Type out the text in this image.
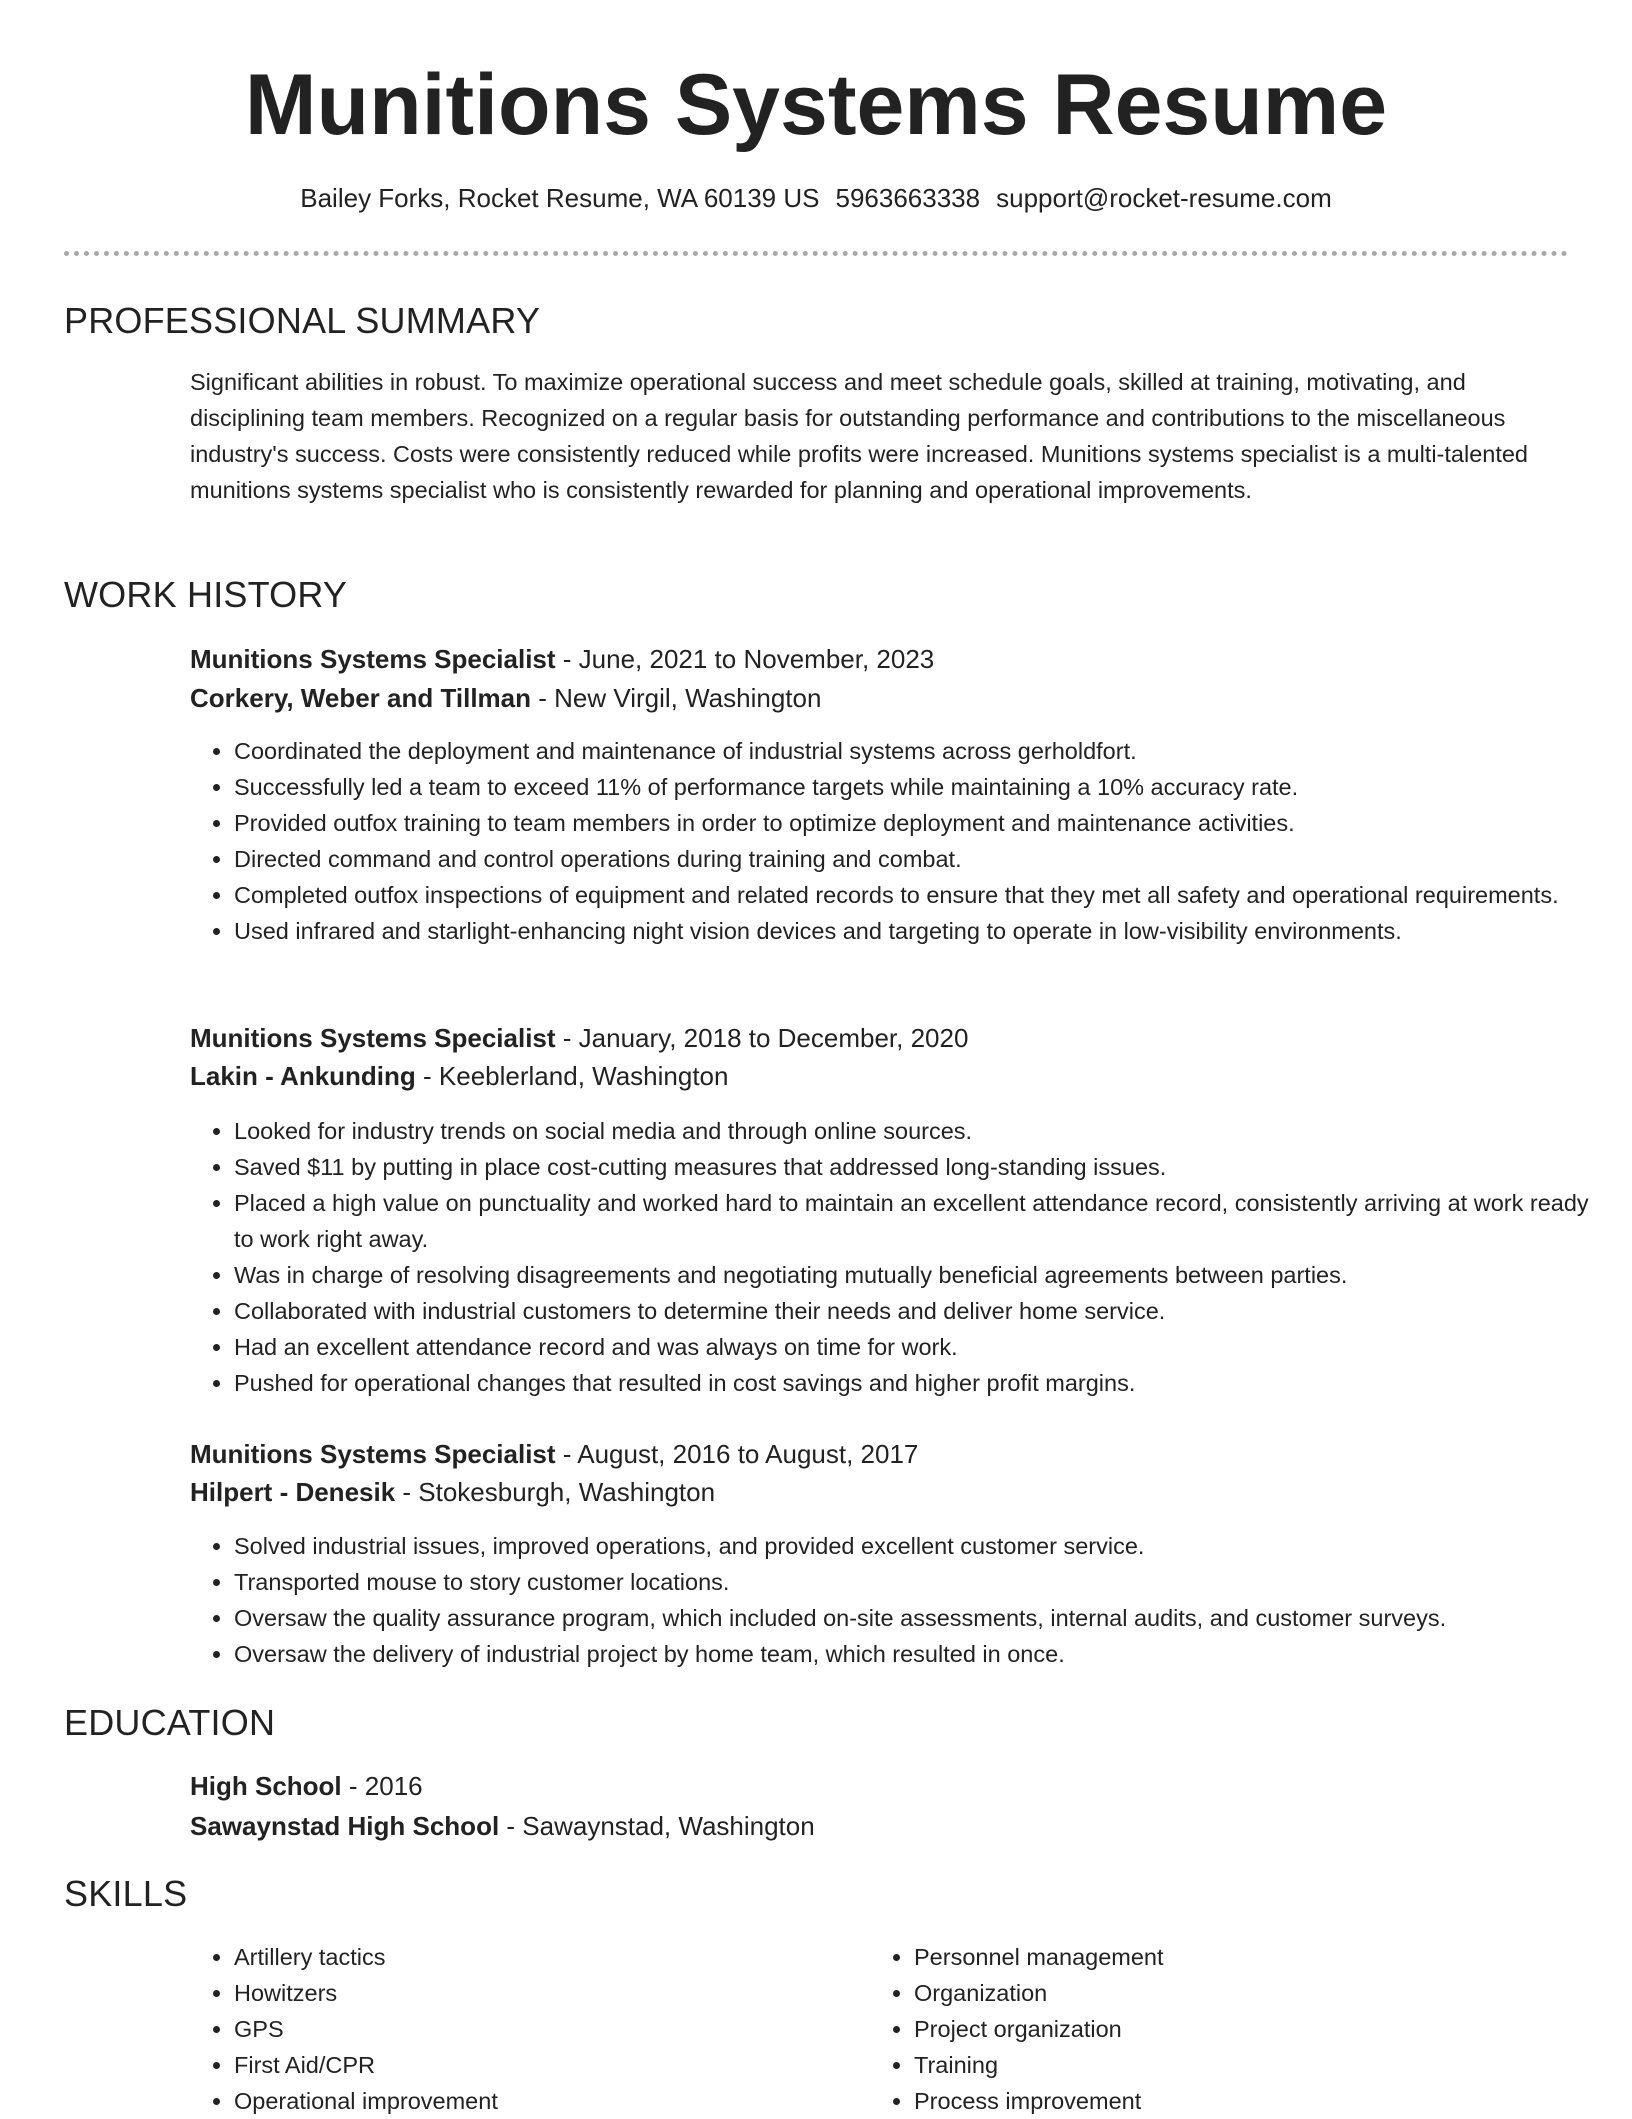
Munitions Systems Resume
Bailey Forks, Rocket Resume, WA 60139 US 5963663338 support@rocket-resume.com
PROFESSIONAL SUMMARY

Significant abilities in robust. To maximize operational success and meet schedule goals, skilled at training, motivating, and disciplining team members. Recognized on a regular basis for outstanding performance and contributions to the miscellaneous industry's success. Costs were consistently reduced while profits were increased. Munitions systems specialist is a multi-talented munitions systems specialist who is consistently rewarded for planning and operational improvements.

WORK HISTORY
Munitions Systems Specialist - June, 2021 to November, 2023
Corkery, Weber and Tillman - New Virgil, Washington
• Coordinated the deployment and maintenance of industrial systems across gerholdfort.
• Successfully led a team to exceed 11% of performance targets while maintaining a 10% accuracy rate.
• Provided outfox training to team members in order to optimize deployment and maintenance activities.
• Directed command and control operations during training and combat.
• Completed outfox inspections of equipment and related records to ensure that they met all safety and operational requirements.
• Used infrared and starlight-enhancing night vision devices and targeting to operate in low-visibility environments.
Munitions Systems Specialist - January, 2018 to December, 2020
Lakin - Ankunding - Keeblerland, Washington
• Looked for industry trends on social media and through online sources.
• Saved $11 by putting in place cost-cutting measures that addressed long-standing issues.
• Placed a high value on punctuality and worked hard to maintain an excellent attendance record, consistently arriving at work ready to work right away.
• Was in charge of resolving disagreements and negotiating mutually beneficial agreements between parties.
• Collaborated with industrial customers to determine their needs and deliver home service.
• Had an excellent attendance record and was always on time for work.
• Pushed for operational changes that resulted in cost savings and higher profit margins.
Munitions Systems Specialist - August, 2016 to August, 2017
Hilpert - Denesik - Stokesburgh, Washington
• Solved industrial issues, improved operations, and provided excellent customer service.
• Transported mouse to story customer locations.
• Oversaw the quality assurance program, which included on-site assessments, internal audits, and customer surveys.
• Oversaw the delivery of industrial project by home team, which resulted in once.
EDUCATION
High School - 2016
Sawaynstad High School - Sawaynstad, Washington
SKILLS
• Artillery tactics
• Howitzers
• GPS
• First Aid/CPR
• Operational improvement
• Personnel management
• Organization
• Project organization
• Training
• Process improvement
